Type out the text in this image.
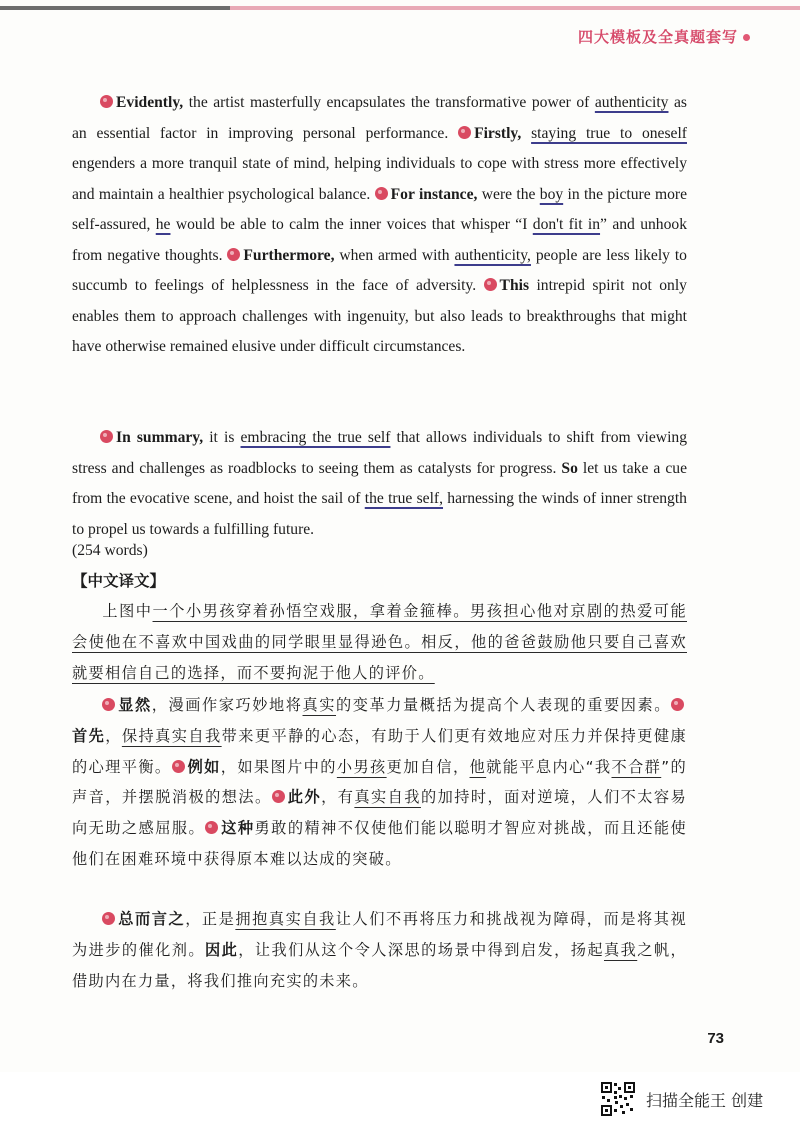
四大模板及全真题套写

Evidently, the artist masterfully encapsulates the transformative power of authenticity as an essential factor in improving personal performance. Firstly, staying true to oneself engenders a more tranquil state of mind, helping individuals to cope with stress more effectively and maintain a healthier psychological balance. For instance, were the boy in the picture more self-assured, he would be able to calm the inner voices that whisper “I don't fit in” and unhook from negative thoughts. Furthermore, when armed with authenticity, people are less likely to succumb to feelings of helplessness in the face of adversity. This intrepid spirit not only enables them to approach challenges with ingenuity, but also leads to breakthroughs that might have otherwise remained elusive under difficult circumstances.

In summary, it is embracing the true self that allows individuals to shift from viewing stress and challenges as roadblocks to seeing them as catalysts for progress. So let us take a cue from the evocative scene, and hoist the sail of the true self, harnessing the winds of inner strength to propel us towards a fulfilling future.

(254 words)
【中文译文】

上图中一个小男孩穿着孙悟空戏服，拿着金箍棒。男孩担心他对京剧的热爱可能会使他在不喜欢中国戏曲的同学眼里显得逊色。相反，他的爸爸鼓励他只要自己喜欢就要相信自己的选择，而不要拘泥于他人的评价。

显然，漫画作家巧妙地将真实的变革力量概括为提高个人表现的重要因素。首先，保持真实自我带来更平静的心态，有助于人们更有效地应对压力并保持更健康的心理平衡。 例如，如果图片中的小男孩更加自信，他就能平息内心“我不合群”的声音，并摆脱消极的想法。 此外，有真实自我的加持时，面对逆境，人们不太容易向无助之感屈服。 这种勇敢的精神不仅使他们能以聪明才智应对挑战，而且还能使他们在困难环境中获得原本难以达成的突破。

总而言之，正是拥抱真实自我让人们不再将压力和挑战视为障碍，而是将其视为进步的催化剂。因此，让我们从这个令人深思的场景中得到启发，扬起真我之帆，借助内在力量，将我们推向充实的未来。

73
扫描全能王 创建
